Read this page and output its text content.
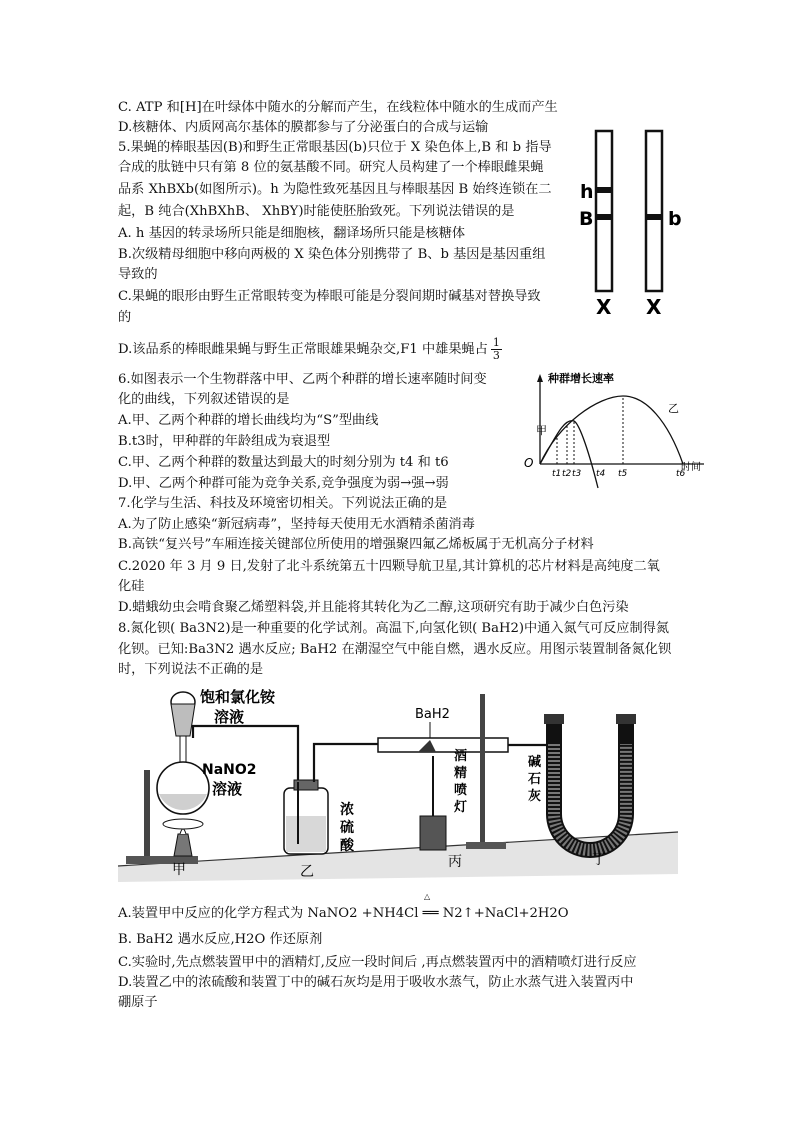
C. ATP 和[H]在叶绿体中随水的分解而产生，在线粒体中随水的生成而产生
D.核糖体、内质网高尔基体的膜都参与了分泌蛋白的合成与运输
5.果蝇的棒眼基因(B)和野生正常眼基因(b)只位于 X 染色体上,B 和 b 指导
合成的肽链中只有第 8 位的氨基酸不同。研究人员构建了一个棒眼雌果蝇
品系 XhBXb(如图所示)。h 为隐性致死基因且与棒眼基因 B 始终连锁在二
起，B 纯合(XhBXhB、 XhBY)时能使胚胎致死。下列说法错误的是
A. h 基因的转录场所只能是细胞核，翻译场所只能是核糖体
B.次级精母细胞中移向两极的 X 染色体分别携带了 B、b 基因是基因重组
导致的
C.果蝇的眼形由野生正常眼转变为棒眼可能是分裂间期时碱基对替换导致
的
D.该品系的棒眼雌果蝇与野生正常眼雄果蝇杂交,F1 中雄果蝇占 $\frac{1}{3}$
6.如图表示一个生物群落中甲、乙两个种群的增长速率随时间变
化的曲线，下列叙述错误的是
A.甲、乙两个种群的增长曲线均为“S”型曲线
B.t3时，甲种群的年龄组成为衰退型
C.甲、乙两个种群的数量达到最大的时刻分别为 t4 和 t6
D.甲、乙两个种群可能为竞争关系,竞争强度为弱→强→弱
7.化学与生活、科技及环境密切相关。下列说法正确的是
A.为了防止感染“新冠病毒”，坚持每天使用无水酒精杀菌消毒
B.高铁“复兴号”车厢连接关键部位所使用的增强聚四氟乙烯板属于无机高分子材料
C.2020 年 3 月 9 日,发射了北斗系统第五十四颗导航卫星,其计算机的芯片材料是高纯度二氧
化硅
D.蜡蛾幼虫会啃食聚乙烯塑料袋,并且能将其转化为乙二醇,这项研究有助于减少白色污染
8.氮化钡( Ba3N2)是一种重要的化学试剂。高温下,向氢化钡( BaH2)中通入氮气可反应制得氮
化钡。已知:Ba3N2 遇水反应; BaH2 在潮湿空气中能自燃，遇水反应。用图示装置制备氮化钡
时，下列说法不正确的是
△
A.装置甲中反应的化学方程式为 NaNO2 +NH4Cl ══ N2↑+NaCl+2H2O
B. BaH2 遇水反应,H2O 作还原剂
C.实验时,先点燃装置甲中的酒精灯,反应一段时间后 ,再点燃装置丙中的酒精喷灯进行反应
D.装置乙中的浓硫酸和装置丁中的碱石灰均是用于吸收水蒸气，防止水蒸气进入装置丙中
硼原子
h
B	b
X X
种群增长速率
时间
O
甲
乙
t1 t2 t3 t4 t5	t6
饱和氯化铵
溶液
NaNO2
溶液
BaH2
浓
硫
酸
酒
精
喷
灯
碱
石
灰
甲	乙
丙	丁
